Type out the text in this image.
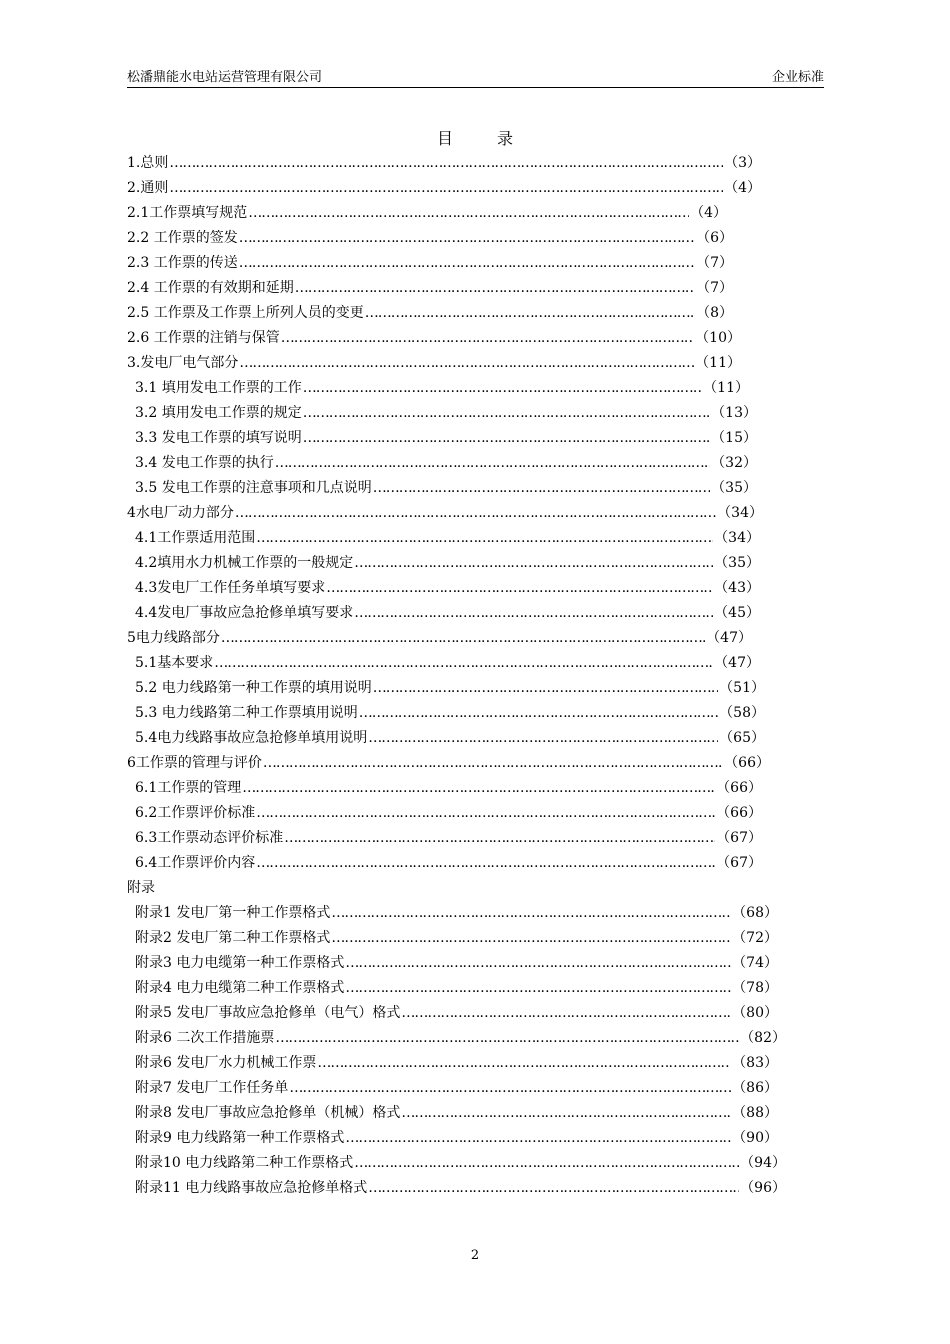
松潘鼎能水电站运营管理有限公司	企业标准
目	录
1.总则 ………………………………………………………………………………………………………………………………………………………………………………………………	（3）
2.通则 ………………………………………………………………………………………………………………………………………………………………………………………………	（4）
2.1工作票填写规范 ………………………………………………………………………………………………………………………………………………………………………………………………	（4）
2.2 工作票的签发 ………………………………………………………………………………………………………………………………………………………………………………………………	（6）
2.3 工作票的传送 ………………………………………………………………………………………………………………………………………………………………………………………………	（7）
2.4 工作票的有效期和延期 ………………………………………………………………………………………………………………………………………………………………………………………………	（7）
2.5 工作票及工作票上所列人员的变更 ………………………………………………………………………………………………………………………………………………………………………………………………	（8）
2.6 工作票的注销与保管 ………………………………………………………………………………………………………………………………………………………………………………………………	（10）
3.发电厂电气部分 ………………………………………………………………………………………………………………………………………………………………………………………………	（11）
3.1 填用发电工作票的工作 ………………………………………………………………………………………………………………………………………………………………………………………………	（11）
3.2 填用发电工作票的规定 ………………………………………………………………………………………………………………………………………………………………………………………………	（13）
3.3 发电工作票的填写说明 ………………………………………………………………………………………………………………………………………………………………………………………………	（15）
3.4 发电工作票的执行 ………………………………………………………………………………………………………………………………………………………………………………………………	（32）
3.5 发电工作票的注意事项和几点说明 ………………………………………………………………………………………………………………………………………………………………………………………………	（35）
4水电厂动力部分 ………………………………………………………………………………………………………………………………………………………………………………………………	（34）
4.1工作票适用范围 ………………………………………………………………………………………………………………………………………………………………………………………………	（34）
4.2填用水力机械工作票的一般规定 ………………………………………………………………………………………………………………………………………………………………………………………………	（35）
4.3发电厂工作任务单填写要求 ………………………………………………………………………………………………………………………………………………………………………………………………	（43）
4.4发电厂事故应急抢修单填写要求 ………………………………………………………………………………………………………………………………………………………………………………………………	（45）
5电力线路部分 ………………………………………………………………………………………………………………………………………………………………………………………………	（47）
5.1基本要求 ………………………………………………………………………………………………………………………………………………………………………………………………	（47）
5.2 电力线路第一种工作票的填用说明 ………………………………………………………………………………………………………………………………………………………………………………………………	（51）
5.3 电力线路第二种工作票填用说明 ………………………………………………………………………………………………………………………………………………………………………………………………	（58）
5.4电力线路事故应急抢修单填用说明 ………………………………………………………………………………………………………………………………………………………………………………………………	（65）
6工作票的管理与评价 ………………………………………………………………………………………………………………………………………………………………………………………………	（66）
6.1工作票的管理 ………………………………………………………………………………………………………………………………………………………………………………………………	（66）
6.2工作票评价标准 ………………………………………………………………………………………………………………………………………………………………………………………………	（66）
6.3工作票动态评价标准 ………………………………………………………………………………………………………………………………………………………………………………………………	（67）
6.4工作票评价内容 ………………………………………………………………………………………………………………………………………………………………………………………………	（67）
附录
附录1 发电厂第一种工作票格式 ………………………………………………………………………………………………………………………………………………………………………………………………	（68）
附录2 发电厂第二种工作票格式 ………………………………………………………………………………………………………………………………………………………………………………………………	（72）
附录3 电力电缆第一种工作票格式 ………………………………………………………………………………………………………………………………………………………………………………………………	（74）
附录4 电力电缆第二种工作票格式 ………………………………………………………………………………………………………………………………………………………………………………………………	（78）
附录5 发电厂事故应急抢修单（电气）格式 ………………………………………………………………………………………………………………………………………………………………………………………………	（80）
附录6 二次工作措施票 ………………………………………………………………………………………………………………………………………………………………………………………………	（82）
附录6 发电厂水力机械工作票 ………………………………………………………………………………………………………………………………………………………………………………………………	（83）
附录7 发电厂工作任务单 ………………………………………………………………………………………………………………………………………………………………………………………………	（86）
附录8 发电厂事故应急抢修单（机械）格式 ………………………………………………………………………………………………………………………………………………………………………………………………	（88）
附录9 电力线路第一种工作票格式 ………………………………………………………………………………………………………………………………………………………………………………………………	（90）
附录10 电力线路第二种工作票格式 ………………………………………………………………………………………………………………………………………………………………………………………………	（94）
附录11 电力线路事故应急抢修单格式 ………………………………………………………………………………………………………………………………………………………………………………………………	（96）
2
